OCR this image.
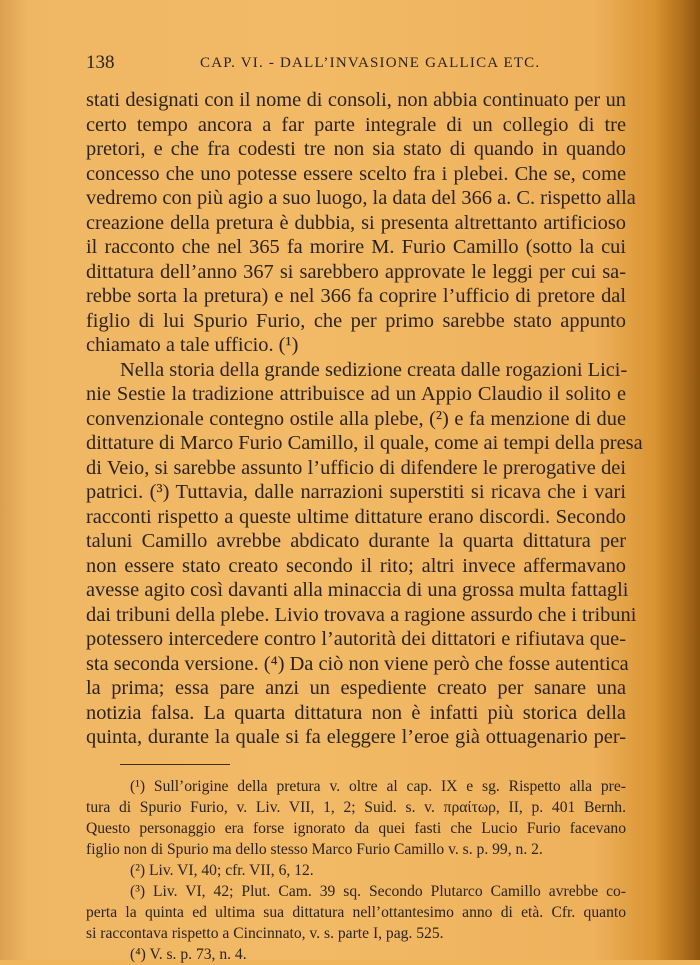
138	CAP. VI. - DALL’INVASIONE GALLICA ETC.
stati designati con il nome di consoli, non abbia continuato per un
certo tempo ancora a far parte integrale di un collegio di tre
pretori, e che fra codesti tre non sia stato di quando in quando
concesso che uno potesse essere scelto fra i plebei. Che se, come
vedremo con più agio a suo luogo, la data del 366 a. C. rispetto alla
creazione della pretura è dubbia, si presenta altrettanto artificioso
il racconto che nel 365 fa morire M. Furio Camillo (sotto la cui
dittatura dell’anno 367 si sarebbero approvate le leggi per cui sa-
rebbe sorta la pretura) e nel 366 fa coprire l’ufficio di pretore dal
figlio di lui Spurio Furio, che per primo sarebbe stato appunto
chiamato a tale ufficio. (¹)
Nella storia della grande sedizione creata dalle rogazioni Lici-
nie Sestie la tradizione attribuisce ad un Appio Claudio il solito e
convenzionale contegno ostile alla plebe, (²) e fa menzione di due
dittature di Marco Furio Camillo, il quale, come ai tempi della presa
di Veio, si sarebbe assunto l’ufficio di difendere le prerogative dei
patrici. (³) Tuttavia, dalle narrazioni superstiti si ricava che i vari
racconti rispetto a queste ultime dittature erano discordi. Secondo
taluni Camillo avrebbe abdicato durante la quarta dittatura per
non essere stato creato secondo il rito; altri invece affermavano
avesse agito così davanti alla minaccia di una grossa multa fattagli
dai tribuni della plebe. Livio trovava a ragione assurdo che i tribuni
potessero intercedere contro l’autorità dei dittatori e rifiutava que-
sta seconda versione. (⁴) Da ciò non viene però che fosse autentica
la prima; essa pare anzi un espediente creato per sanare una
notizia falsa. La quarta dittatura non è infatti più storica della
quinta, durante la quale si fa eleggere l’eroe già ottuagenario per-
(¹) Sull’origine della pretura v. oltre al cap. IX e sg. Rispetto alla pre-
tura di Spurio Furio, v. Liv. VII, 1, 2; Suid. s. v. πραίτωρ, II, p. 401 Bernh.
Questo personaggio era forse ignorato da quei fasti che Lucio Furio facevano
figlio non di Spurio ma dello stesso Marco Furio Camillo v. s. p. 99, n. 2.
(²) Liv. VI, 40; cfr. VII, 6, 12.
(³) Liv. VI, 42; Plut. Cam. 39 sq. Secondo Plutarco Camillo avrebbe co-
perta la quinta ed ultima sua dittatura nell’ottantesimo anno di età. Cfr. quanto
si raccontava rispetto a Cincinnato, v. s. parte I, pag. 525.
(⁴) V. s. p. 73, n. 4.
